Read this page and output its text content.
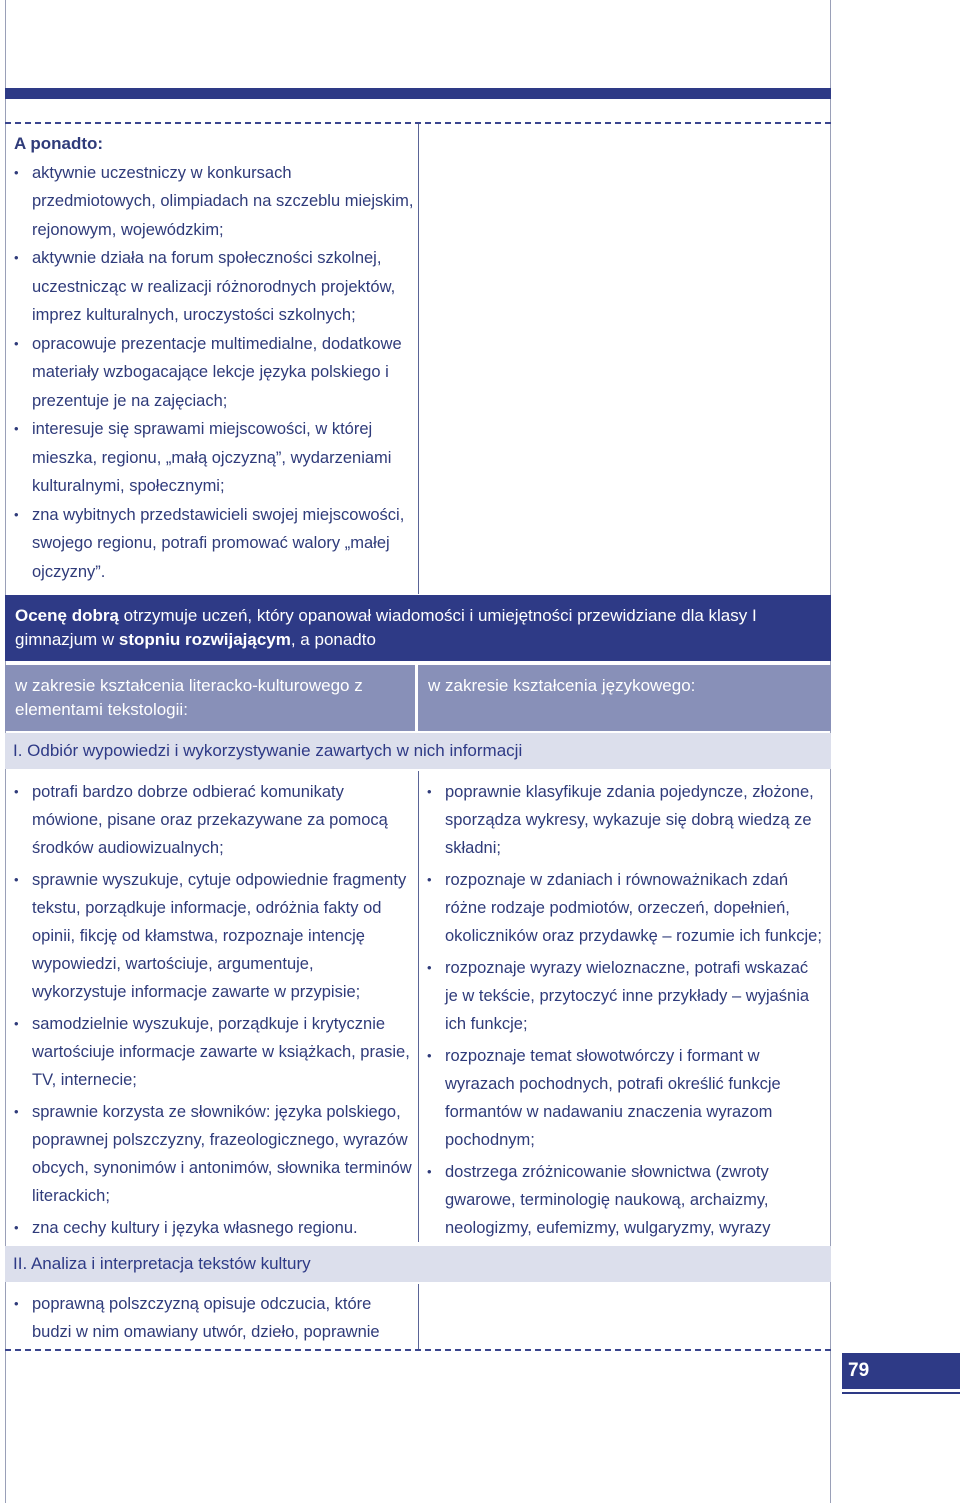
A ponadto:

• aktywnie uczestniczy w konkursach przedmiotowych, olimpiadach na szczeblu miejskim, rejonowym, wojewódzkim;
• aktywnie działa na forum społeczności szkolnej, uczestnicząc w realizacji różnorodnych projektów, imprez kulturalnych, uroczystości szkolnych;
• opracowuje prezentacje multimedialne, dodatkowe materiały wzbogacające lekcje języka polskiego i prezentuje je na zajęciach;
• interesuje się sprawami miejscowości, w której mieszka, regionu, „małą ojczyzną”, wydarzeniami kulturalnymi, społecznymi;
• zna wybitnych przedstawicieli swojej miejscowości, swojego regionu, potrafi promować walory „małej ojczyzny”.
Ocenę dobrą otrzymuje uczeń, który opanował wiadomości i umiejętności przewidziane dla klasy I gimnazjum w stopniu rozwijającym, a ponadto
w zakresie kształcenia literacko-kulturowego z elementami tekstologii:
w zakresie kształcenia językowego:
I. Odbiór wypowiedzi i wykorzystywanie zawartych w nich informacji
• potrafi bardzo dobrze odbierać komunikaty mówione, pisane oraz przekazywane za pomocą środków audiowizualnych;
• sprawnie wyszukuje, cytuje odpowiednie fragmenty tekstu, porządkuje informacje, odróżnia fakty od opinii, fikcję od kłamstwa, rozpoznaje intencję wypowiedzi, wartościuje, argumentuje, wykorzystuje informacje zawarte w przypisie;
• samodzielnie wyszukuje, porządkuje i krytycznie wartościuje informacje zawarte w książkach, prasie, TV, internecie;
• sprawnie korzysta ze słowników: języka polskiego, poprawnej polszczyzny, frazeologicznego, wyrazów obcych, synonimów i antonimów, słownika terminów literackich;
• zna cechy kultury i języka własnego regionu.
• poprawnie klasyfikuje zdania pojedyncze, złożone, sporządza wykresy, wykazuje się dobrą wiedzą ze składni;
• rozpoznaje w zdaniach i równoważnikach zdań różne rodzaje podmiotów, orzeczeń, dopełnień, okoliczników oraz przydawkę – rozumie ich funkcje;
• rozpoznaje wyrazy wieloznaczne, potrafi wskazać je w tekście, przytoczyć inne przykłady – wyjaśnia ich funkcje;
• rozpoznaje temat słowotwórczy i formant w wyrazach pochodnych, potrafi określić funkcje formantów w nadawaniu znaczenia wyrazom pochodnym;
• dostrzega zróżnicowanie słownictwa (zwroty gwarowe, terminologię naukową, archaizmy, neologizmy, eufemizmy, wulgaryzmy, wyrazy
II. Analiza i interpretacja tekstów kultury
• poprawną polszczyzną opisuje odczucia, które budzi w nim omawiany utwór, dzieło, poprawnie
79
